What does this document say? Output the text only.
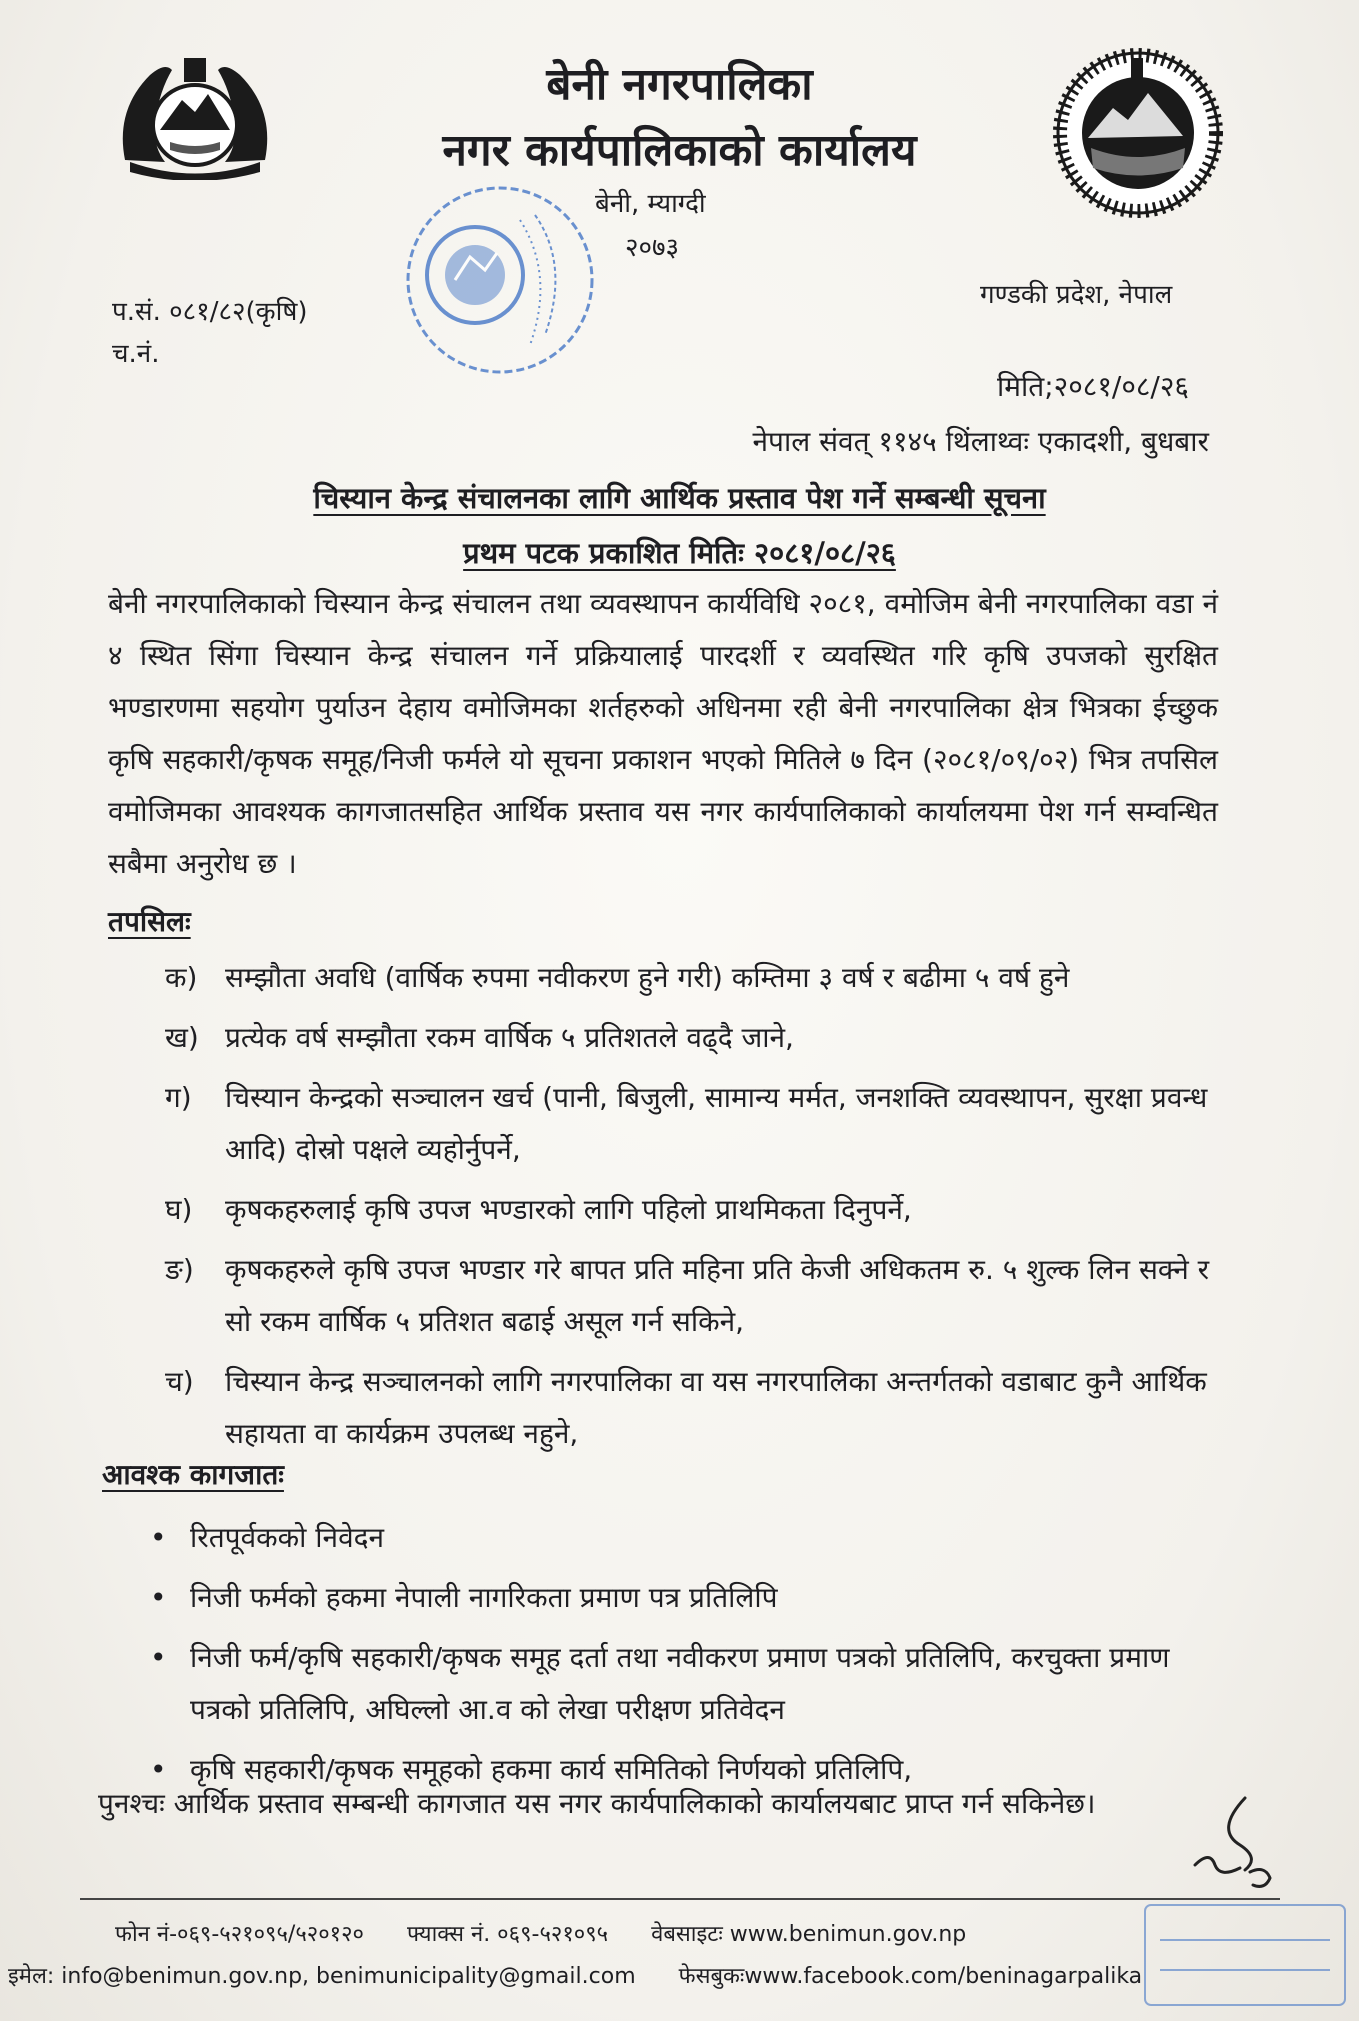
बेनी नगरपालिका
नगर कार्यपालिकाको कार्यालय
बेनी, म्याग्दी
२०७३
गण्डकी प्रदेश, नेपाल
प.सं. ०८१/८२(कृषि)
च.नं.
मिति;२०८१/०८/२६
नेपाल संवत् ११४५ थिंलाथ्वः एकादशी, बुधबार
चिस्यान केन्द्र संचालनका लागि आर्थिक प्रस्ताव पेश गर्ने सम्बन्धी सूचना
प्रथम पटक प्रकाशित मितिः २०८१/०८/२६
बेनी नगरपालिकाको चिस्यान केन्द्र संचालन तथा व्यवस्थापन कार्यविधि २०८१, वमोजिम बेनी नगरपालिका वडा नं ४ स्थित सिंगा चिस्यान केन्द्र संचालन गर्ने प्रक्रियालाई पारदर्शी र व्यवस्थित गरि कृषि उपजको सुरक्षित भण्डारणमा सहयोग पुर्याउन देहाय वमोजिमका शर्तहरुको अधिनमा रही बेनी नगरपालिका क्षेत्र भित्रका ईच्छुक कृषि सहकारी/कृषक समूह/निजी फर्मले यो सूचना प्रकाशन भएको मितिले ७ दिन (२०८१/०९/०२) भित्र तपसिल वमोजिमका आवश्यक कागजातसहित आर्थिक प्रस्ताव यस नगर कार्यपालिकाको कार्यालयमा पेश गर्न सम्वन्धित सबैमा अनुरोध छ ।
तपसिलः
क) सम्झौता अवधि (वार्षिक रुपमा नवीकरण हुने गरी) कम्तिमा ३ वर्ष र बढीमा ५ वर्ष हुने
ख) प्रत्येक वर्ष सम्झौता रकम वार्षिक ५ प्रतिशतले वढ्दै जाने,
ग)	चिस्यान केन्द्रको सञ्चालन खर्च (पानी, बिजुली, सामान्य मर्मत, जनशक्ति व्यवस्थापन, सुरक्षा प्रवन्ध आदि) दोस्रो पक्षले व्यहोर्नुपर्ने,
घ)	कृषकहरुलाई कृषि उपज भण्डारको लागि पहिलो प्राथमिकता दिनुपर्ने,
ङ)	कृषकहरुले कृषि उपज भण्डार गरे बापत प्रति महिना प्रति केजी अधिकतम रु. ५ शुल्क लिन सक्ने र सो रकम वार्षिक ५ प्रतिशत बढाई असूल गर्न सकिने,
च)	चिस्यान केन्द्र सञ्चालनको लागि नगरपालिका वा यस नगरपालिका अन्तर्गतको वडाबाट कुनै आर्थिक सहायता वा कार्यक्रम उपलब्ध नहुने,
आवश्क कागजातः
• रितपूर्वकको निवेदन
• निजी फर्मको हकमा नेपाली नागरिकता प्रमाण पत्र प्रतिलिपि
• निजी फर्म/कृषि सहकारी/कृषक समूह दर्ता तथा नवीकरण प्रमाण पत्रको प्रतिलिपि, करचुक्ता प्रमाण पत्रको प्रतिलिपि, अघिल्लो आ.व को लेखा परीक्षण प्रतिवेदन
• कृषि सहकारी/कृषक समूहको हकमा कार्य समितिको निर्णयको प्रतिलिपि,
पुनश्चः आर्थिक प्रस्ताव सम्बन्धी कागजात यस नगर कार्यपालिकाको कार्यालयबाट प्राप्त गर्न सकिनेछ।
फोन नं-०६९-५२१०९५/५२०१२० फ्याक्स नं. ०६९-५२१०९५ वेबसाइटः www.benimun.gov.np
इमेल: info@benimun.gov.np, benimunicipality@gmail.com फेसबुकःwww.facebook.com/beninagarpalika
